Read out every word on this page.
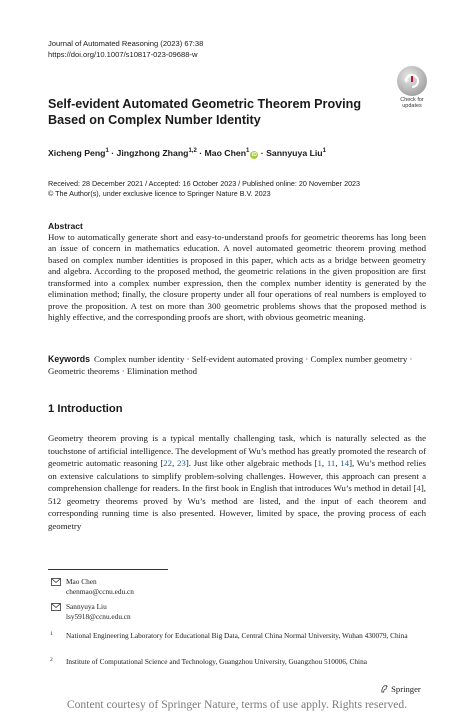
Journal of Automated Reasoning (2023) 67:38
https://doi.org/10.1007/s10817-023-09688-w
Check for
updates
Self-evident Automated Geometric Theorem Proving Based on Complex Number Identity
Xicheng Peng$^1$ · Jingzhong Zhang$^{1,2}$ · Mao Chen$^1$iD · Sannyuya Liu$^1$
Received: 28 December 2021 / Accepted: 16 October 2023 / Published online: 20 November 2023
© The Author(s), under exclusive licence to Springer Nature B.V. 2023
Abstract

How to automatically generate short and easy-to-understand proofs for geometric theorems has long been an issue of concern in mathematics education. A novel automated geometric theorem proving method based on complex number identities is proposed in this paper, which acts as a bridge between geometry and algebra. According to the proposed method, the geometric relations in the given proposition are first transformed into a complex number expression, then the complex number identity is generated by the elimination method; finally, the closure property under all four operations of real numbers is employed to prove the proposition. A test on more than 300 geometric problems shows that the proposed method is highly effective, and the corresponding proofs are short, with obvious geometric meaning.

Keywords Complex number identity · Self-evident automated proving · Complex number geometry · Geometric theorems · Elimination method

1 Introduction

Geometry theorem proving is a typical mentally challenging task, which is naturally selected as the touchstone of artificial intelligence. The development of Wu’s method has greatly promoted the research of geometric automatic reasoning [22, 23]. Just like other algebraic methods [1, 11, 14], Wu’s method relies on extensive calculations to simplify problem-solving challenges. However, this approach can present a comprehension challenge for readers. In the first book in English that introduces Wu’s method in detail [4], 512 geometry theorems proved by Wu’s method are listed, and the input of each theorem and corresponding running time is also presented. However, limited by space, the proving process of each geometry

Mao Chen
chenmao@ccnu.edu.cn
Sannyuya Liu
lsy5918@ccnu.edu.cn
1 National Engineering Laboratory for Educational Big Data, Central China Normal University, Wuhan 430079, China
2 Institute of Computational Science and Technology, Guangzhou University, Guangzhou 510006, China
Springer
Content courtesy of Springer Nature, terms of use apply. Rights reserved.
